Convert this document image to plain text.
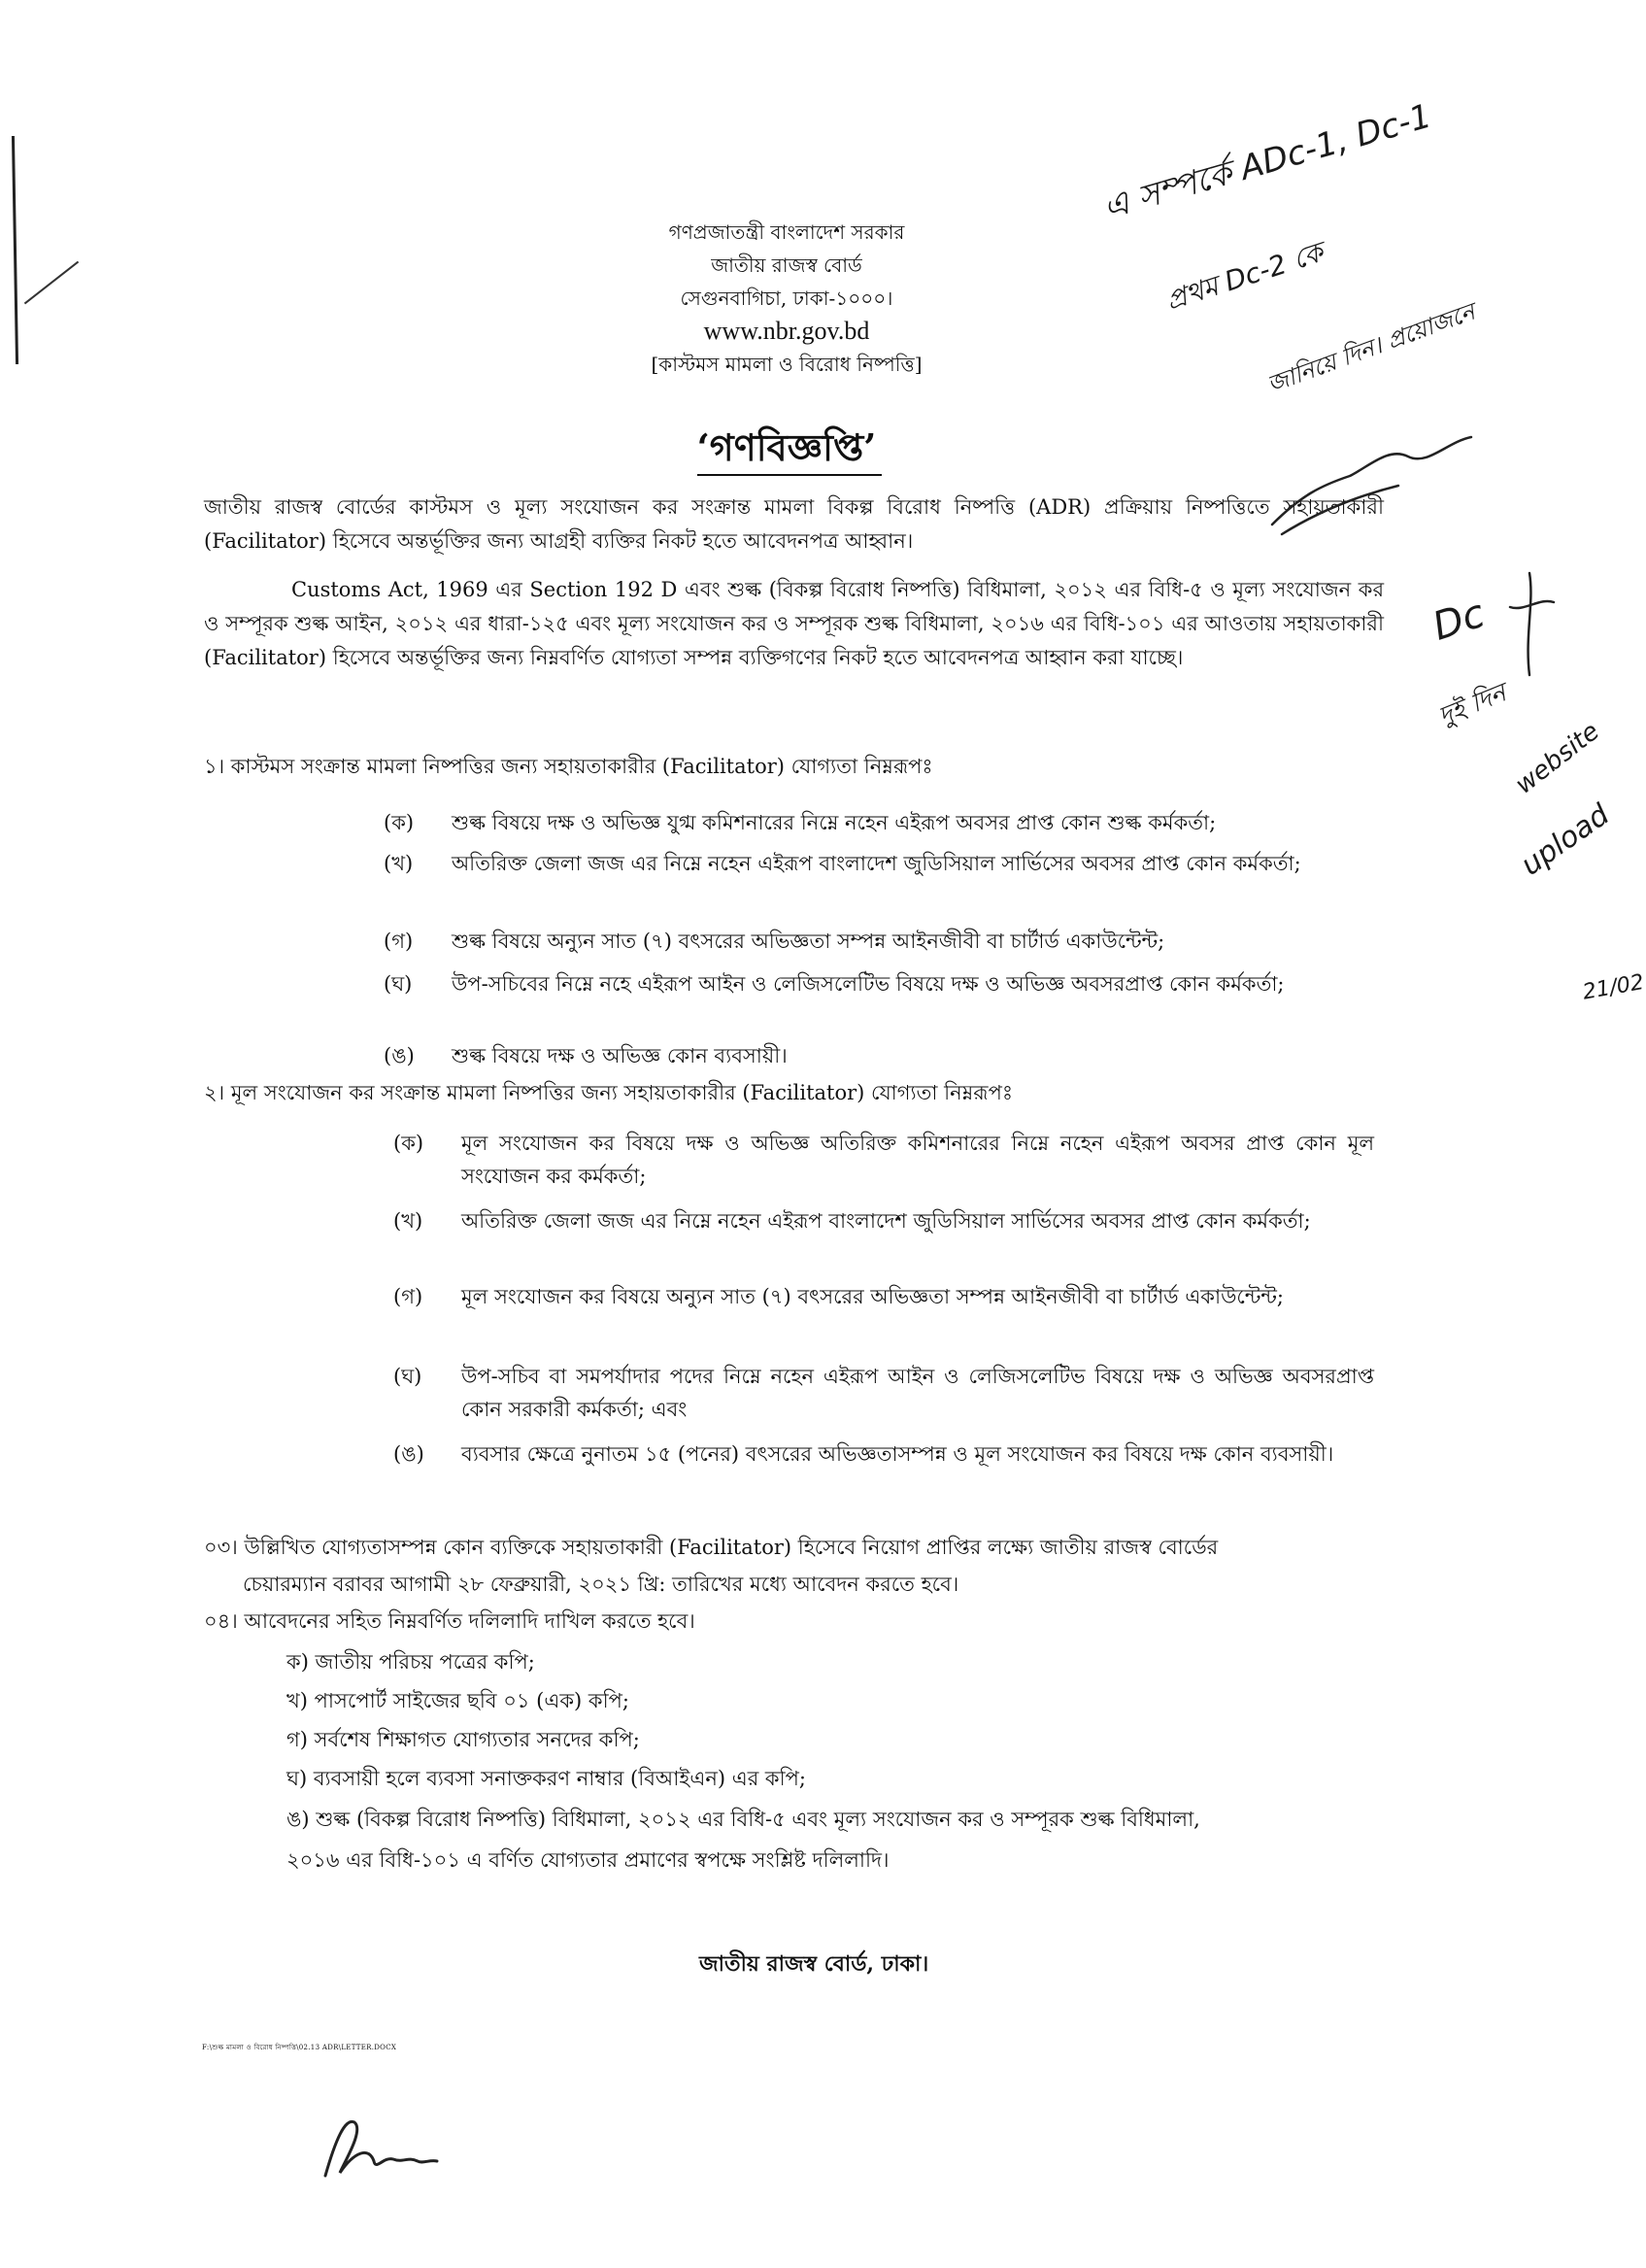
গণপ্রজাতন্ত্রী বাংলাদেশ সরকার
জাতীয় রাজস্ব বোর্ড
সেগুনবাগিচা, ঢাকা-১০০০।
www.nbr.gov.bd
[কাস্টমস মামলা ও বিরোধ নিষ্পত্তি]
‘গণবিজ্ঞপ্তি’
জাতীয় রাজস্ব বোর্ডের কাস্টমস ও মূল্য সংযোজন কর সংক্রান্ত মামলা বিকল্প বিরোধ নিষ্পত্তি (ADR) প্রক্রিয়ায় নিষ্পত্তিতে সহায়তাকারী (Facilitator) হিসেবে অন্তর্ভূক্তির জন্য আগ্রহী ব্যক্তির নিকট হতে আবেদনপত্র আহ্বান।
Customs Act, 1969 এর Section 192 D এবং শুল্ক (বিকল্প বিরোধ নিষ্পত্তি) বিধিমালা, ২০১২ এর বিধি-৫ ও মূল্য সংযোজন কর ও সম্পূরক শুল্ক আইন, ২০১২ এর ধারা-১২৫ এবং মূল্য সংযোজন কর ও সম্পূরক শুল্ক বিধিমালা, ২০১৬ এর বিধি-১০১ এর আওতায় সহায়তাকারী (Facilitator) হিসেবে অন্তর্ভূক্তির জন্য নিম্নবর্ণিত যোগ্যতা সম্পন্ন ব্যক্তিগণের নিকট হতে আবেদনপত্র আহ্বান করা যাচ্ছে।
১। কাস্টমস সংক্রান্ত মামলা নিষ্পত্তির জন্য সহায়তাকারীর (Facilitator) যোগ্যতা নিম্নরূপঃ
(ক)	শুল্ক বিষয়ে দক্ষ ও অভিজ্ঞ যুগ্ম কমিশনারের নিম্নে নহেন এইরূপ অবসর প্রাপ্ত কোন শুল্ক কর্মকর্তা;
(খ)	অতিরিক্ত জেলা জজ এর নিম্নে নহেন এইরূপ বাংলাদেশ জুডিসিয়াল সার্ভিসের অবসর প্রাপ্ত কোন কর্মকর্তা;
(গ)	শুল্ক বিষয়ে অন্যুন সাত (৭) বৎসরের অভিজ্ঞতা সম্পন্ন আইনজীবী বা চার্টার্ড একাউন্টেন্ট;
(ঘ)	উপ-সচিবের নিম্নে নহে এইরূপ আইন ও লেজিসলেটিভ বিষয়ে দক্ষ ও অভিজ্ঞ অবসরপ্রাপ্ত কোন কর্মকর্তা;
(ঙ)	শুল্ক বিষয়ে দক্ষ ও অভিজ্ঞ কোন ব্যবসায়ী।
২। মূল সংযোজন কর সংক্রান্ত মামলা নিষ্পত্তির জন্য সহায়তাকারীর (Facilitator) যোগ্যতা নিম্নরূপঃ
(ক)	মূল সংযোজন কর বিষয়ে দক্ষ ও অভিজ্ঞ অতিরিক্ত কমিশনারের নিম্নে নহেন এইরূপ অবসর প্রাপ্ত কোন মূল সংযোজন কর কর্মকর্তা;
(খ)	অতিরিক্ত জেলা জজ এর নিম্নে নহেন এইরূপ বাংলাদেশ জুডিসিয়াল সার্ভিসের অবসর প্রাপ্ত কোন কর্মকর্তা;
(গ)	মূল সংযোজন কর বিষয়ে অন্যুন সাত (৭) বৎসরের অভিজ্ঞতা সম্পন্ন আইনজীবী বা চার্টার্ড একাউন্টেন্ট;
(ঘ)	উপ-সচিব বা সমপর্যাদার পদের নিম্নে নহেন এইরূপ আইন ও লেজিসলেটিভ বিষয়ে দক্ষ ও অভিজ্ঞ অবসরপ্রাপ্ত কোন সরকারী কর্মকর্তা; এবং
(ঙ)	ব্যবসার ক্ষেত্রে নুনাতম ১৫ (পনের) বৎসরের অভিজ্ঞতাসম্পন্ন ও মূল সংযোজন কর বিষয়ে দক্ষ কোন ব্যবসায়ী।
০৩। উল্লিখিত যোগ্যতাসম্পন্ন কোন ব্যক্তিকে সহায়তাকারী (Facilitator) হিসেবে নিয়োগ প্রাপ্তির লক্ষ্যে জাতীয় রাজস্ব বোর্ডের
চেয়ারম্যান বরাবর আগামী ২৮ ফেব্রুয়ারী, ২০২১ খ্রি: তারিখের মধ্যে আবেদন করতে হবে।
০৪। আবেদনের সহিত নিম্নবর্ণিত দলিলাদি দাখিল করতে হবে।
ক) জাতীয় পরিচয় পত্রের কপি;
খ) পাসপোর্ট সাইজের ছবি ০১ (এক) কপি;
গ) সর্বশেষ শিক্ষাগত যোগ্যতার সনদের কপি;
ঘ) ব্যবসায়ী হলে ব্যবসা সনাক্তকরণ নাম্বার (বিআইএন) এর কপি;
ঙ) শুল্ক (বিকল্প বিরোধ নিষ্পত্তি) বিধিমালা, ২০১২ এর বিধি-৫ এবং মূল্য সংযোজন কর ও সম্পূরক শুল্ক বিধিমালা,
২০১৬ এর বিধি-১০১ এ বর্ণিত যোগ্যতার প্রমাণের স্বপক্ষে সংশ্লিষ্ট দলিলাদি।
জাতীয় রাজস্ব বোর্ড, ঢাকা।
F:\শুল্ক মামলা ও বিরোধ নিষ্পত্তি\02.13 ADR\LETTER.DOCX
এ সম্পর্কে ADc-1, Dc-1
প্রথম Dc-2 কে
জানিয়ে দিন। প্রয়োজনে
Dc
দুই দিন
website
upload
21/02
